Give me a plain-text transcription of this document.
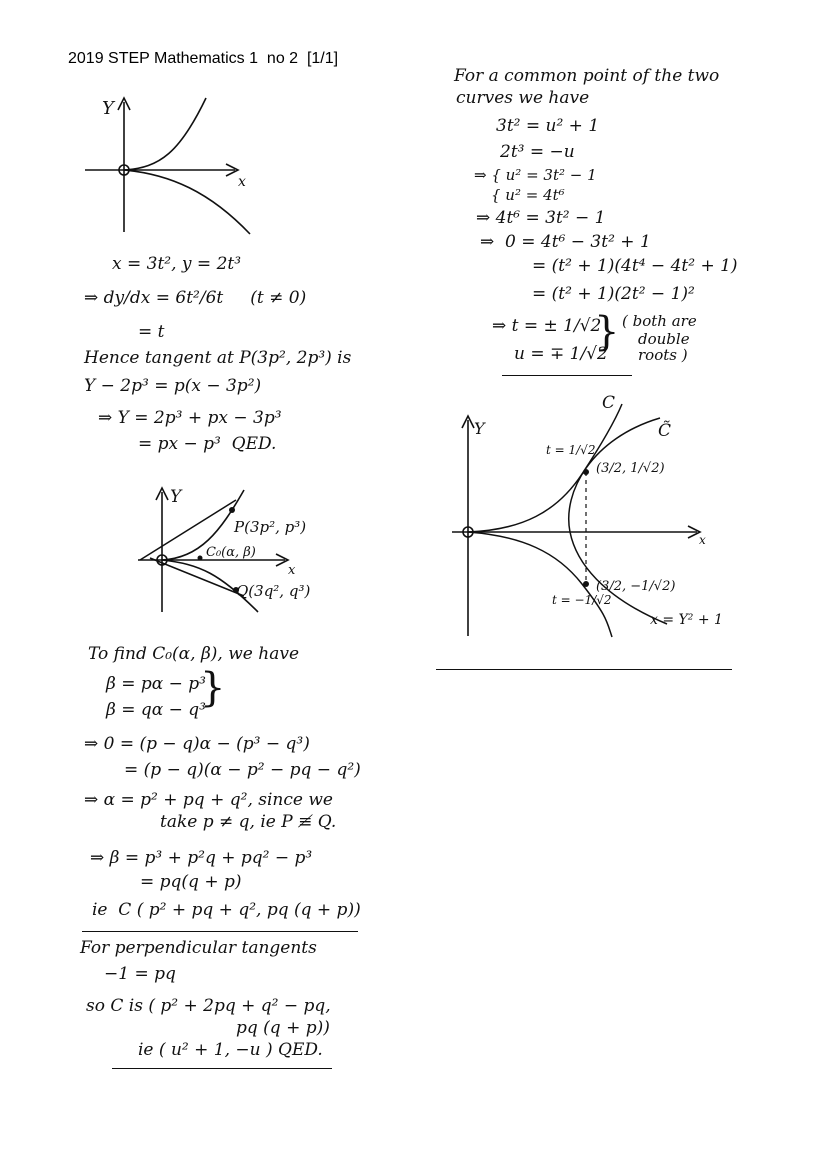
2019 STEP Mathematics 1  no 2  [1/1]
Y
x
x = 3t², y = 2t³
⇒ dy/dx = 6t²/6t     (t ≠ 0)
= t
Hence tangent at P(3p², 2p³) is
Y − 2p³ = p(x − 3p²)
⇒ Y = 2p³ + px − 3p³
= px − p³  QED.
Y
x
P(3p², p³)
C₀(α, β)
Q(3q², q³)
To find C₀(α, β), we have
β = pα − p³
β = qα − q³
}
⇒ 0 = (p − q)α − (p³ − q³)
= (p − q)(α − p² − pq − q²)
⇒ α = p² + pq + q², since we
take p ≠ q, ie P ≢ Q.
⇒ β = p³ + p²q + pq² − p³
= pq(q + p)
ie  C ( p² + pq + q², pq (q + p))
For perpendicular tangents
−1 = pq
so C is ( p² + 2pq + q² − pq,
pq (q + p))
ie ( u² + 1, −u ) QED.
For a common point of the two
curves we have
3t² = u² + 1
2t³ = −u
⇒ { u² = 3t² − 1
{ u² = 4t⁶
⇒ 4t⁶ = 3t² − 1
⇒  0 = 4t⁶ − 3t² + 1
= (t² + 1)(4t⁴ − 4t² + 1)
= (t² + 1)(2t² − 1)²
⇒ t = ± 1/√2
u = ∓ 1/√2
} ( both are
double
roots )
Y
x
C
C̃
t = 1/√2
(3/2, 1/√2)
t = −1/√2
(3/2, −1/√2)
x = Y² + 1
